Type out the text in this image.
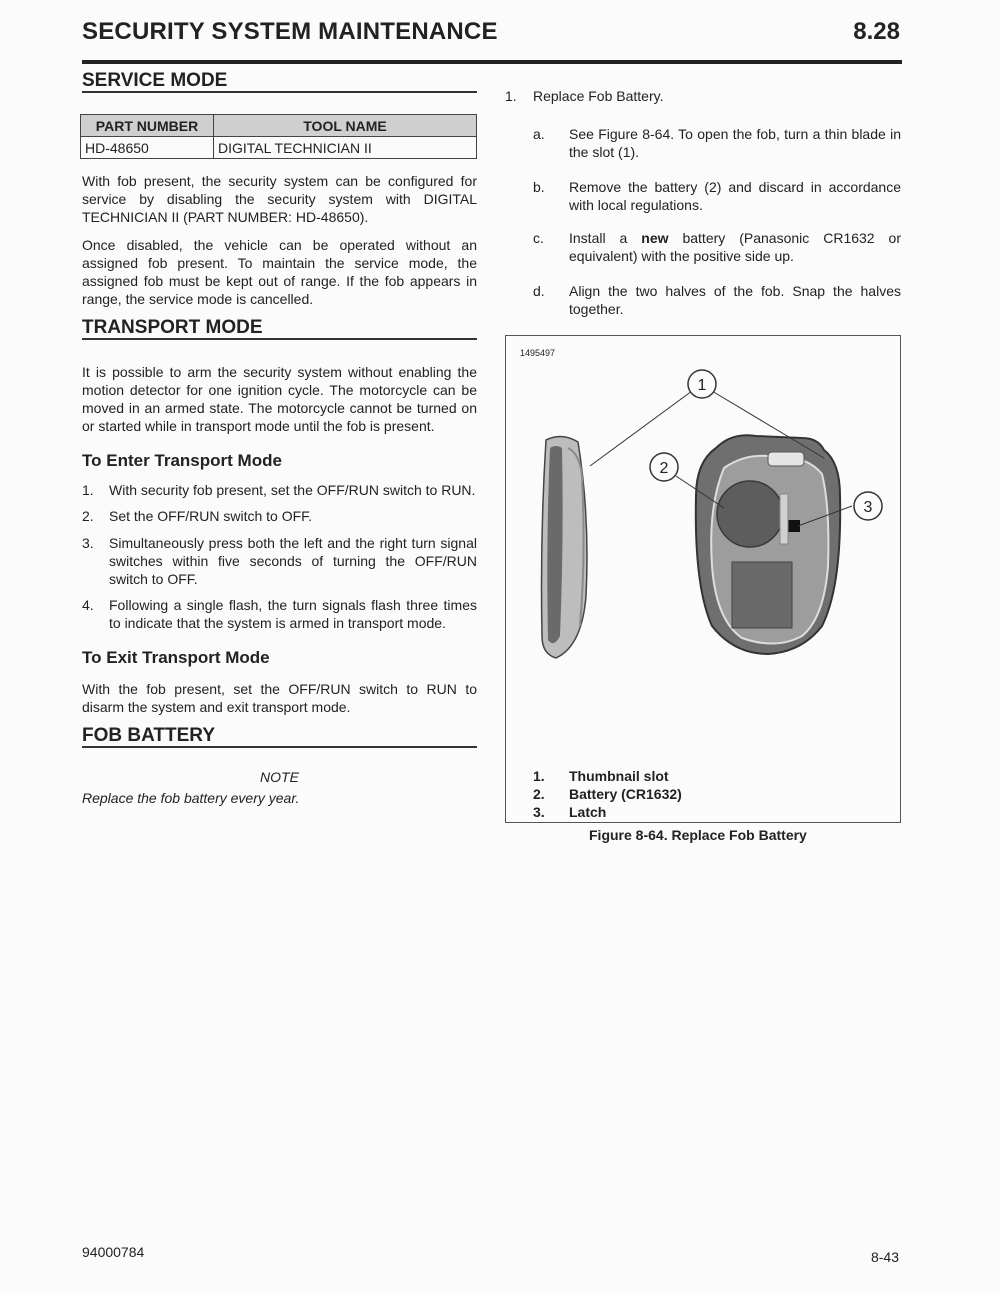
SECURITY SYSTEM MAINTENANCE	8.28
SERVICE MODE
PART NUMBER	TOOL NAME
HD-48650	DIGITAL TECHNICIAN II
With fob present, the security system can be configured for service by disabling the security system with DIGITAL TECHNICIAN II (PART NUMBER: HD-48650).
Once disabled, the vehicle can be operated without an assigned fob present. To maintain the service mode, the assigned fob must be kept out of range. If the fob appears in range, the service mode is cancelled.
TRANSPORT MODE
It is possible to arm the security system without enabling the motion detector for one ignition cycle. The motorcycle can be moved in an armed state. The motorcycle cannot be turned on or started while in transport mode until the fob is present.
To Enter Transport Mode
1. With security fob present, set the OFF/RUN switch to RUN.
2. Set the OFF/RUN switch to OFF.
3. Simultaneously press both the left and the right turn signal switches within five seconds of turning the OFF/RUN switch to OFF.
4. Following a single flash, the turn signals flash three times to indicate that the system is armed in transport mode.
To Exit Transport Mode
With the fob present, set the OFF/RUN switch to RUN to disarm the system and exit transport mode.
FOB BATTERY
NOTE
Replace the fob battery every year.
1. Replace Fob Battery.
a. See Figure 8-64. To open the fob, turn a thin blade in the slot (1).
b. Remove the battery (2) and discard in accordance with local regulations.
c. Install a new battery (Panasonic CR1632 or equivalent) with the positive side up.
d. Align the two halves of the fob. Snap the halves together.
1495497
1
2
3
1. Thumbnail slot
2. Battery (CR1632)
3. Latch
Figure 8-64. Replace Fob Battery
94000784	8-43
